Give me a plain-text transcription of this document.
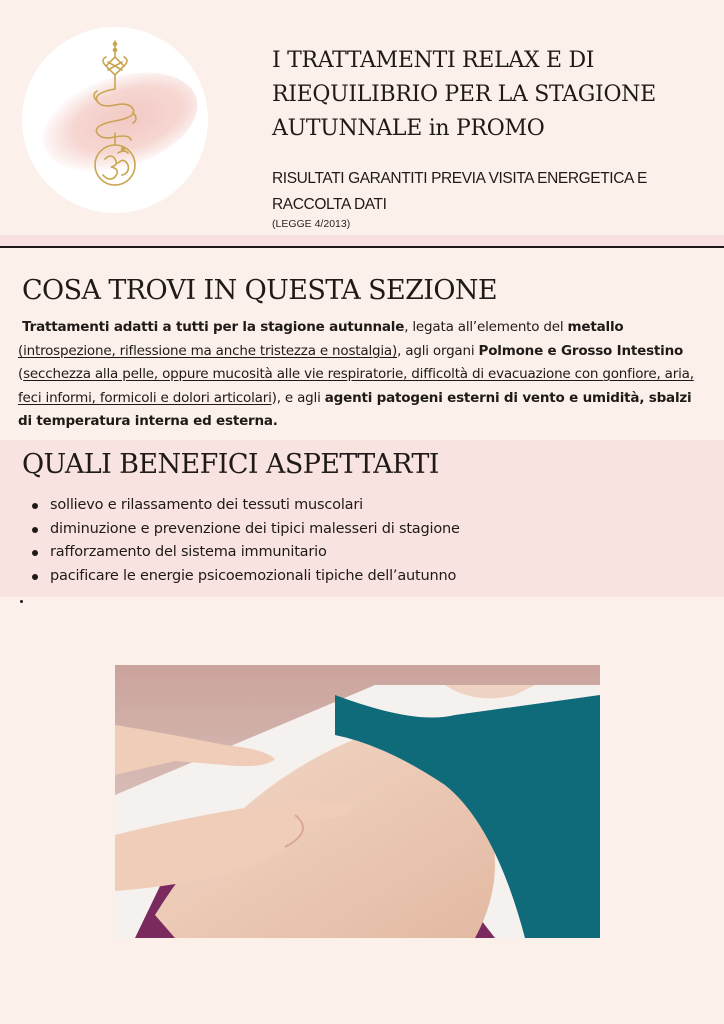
I TRATTAMENTI RELAX E DI
RIEQUILIBRIO PER LA STAGIONE
AUTUNNALE in PROMO
RISULTATI GARANTITI PREVIA VISITA ENERGETICA E
RACCOLTA DATI
(LEGGE 4/2013)
COSA TROVI IN QUESTA SEZIONE
Trattamenti adatti a tutti per la stagione autunnale, legata all’elemento del metallo (introspezione, riflessione ma anche tristezza e nostalgia), agli organi Polmone e Grosso Intestino (secchezza alla pelle, oppure mucosità alle vie respiratorie, difficoltà di evacuazione con gonfiore, aria, feci informi, formicoli e dolori articolari), e agli agenti patogeni esterni di vento e umidità, sbalzi di temperatura interna ed esterna.
QUALI BENEFICI ASPETTARTI
sollievo e rilassamento dei tessuti muscolari
diminuzione e prevenzione dei tipici malesseri di stagione
rafforzamento del sistema immunitario
pacificare le energie psicoemozionali tipiche dell’autunno
